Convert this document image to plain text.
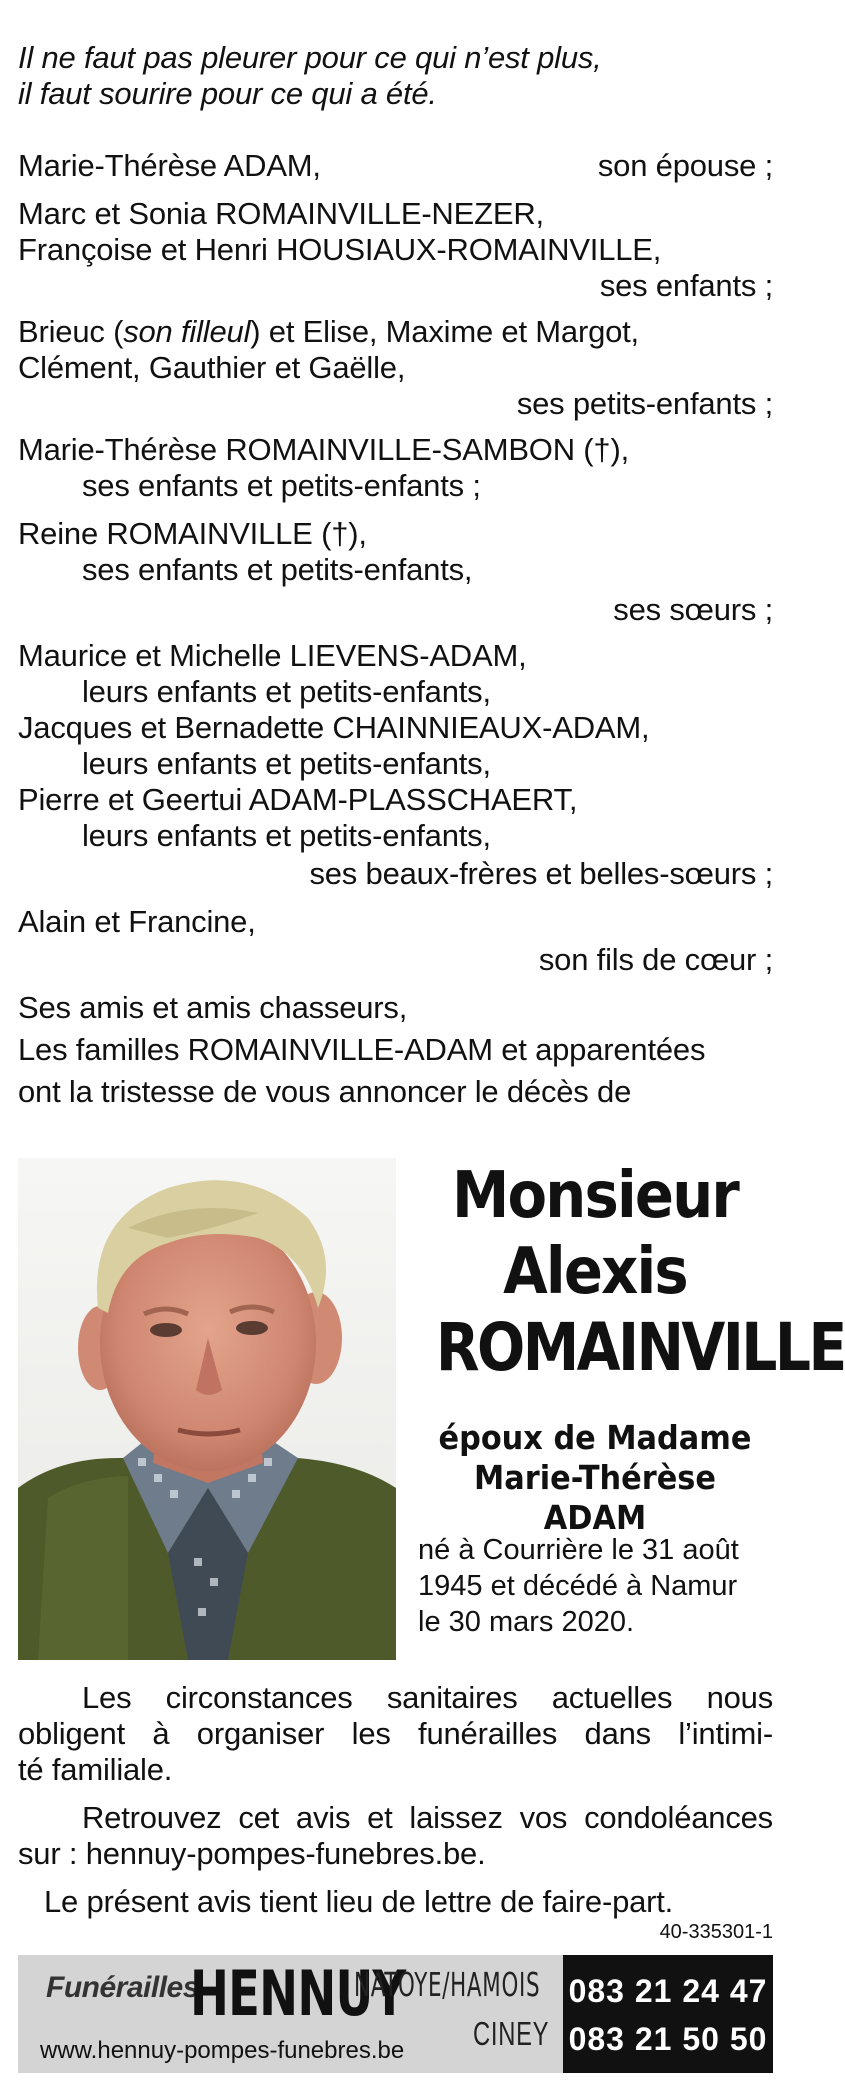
Il ne faut pas pleurer pour ce qui n’est plus,
il faut sourire pour ce qui a été.
Marie-Thérèse ADAM,	son épouse ;
Marc et Sonia ROMAINVILLE-NEZER,
Françoise et Henri HOUSIAUX-ROMAINVILLE,
ses enfants ;
Brieuc (son filleul) et Elise, Maxime et Margot,
Clément, Gauthier et Gaëlle,
ses petits-enfants ;
Marie-Thérèse ROMAINVILLE-SAMBON (†),
ses enfants et petits-enfants ;
Reine ROMAINVILLE (†),
ses enfants et petits-enfants,
ses sœurs ;
Maurice et Michelle LIEVENS-ADAM,
leurs enfants et petits-enfants,
Jacques et Bernadette CHAINNIEAUX-ADAM,
leurs enfants et petits-enfants,
Pierre et Geertui ADAM-PLASSCHAERT,
leurs enfants et petits-enfants,
ses beaux-frères et belles-sœurs ;
Alain et Francine,
son fils de cœur ;
Ses amis et amis chasseurs,
Les familles ROMAINVILLE-ADAM et apparentées
ont la tristesse de vous annoncer le décès de
Monsieur
Alexis
ROMAINVILLE
époux de Madame
Marie-Thérèse ADAM
né à Courrière le 31 août
1945 et décédé à Namur
le 30 mars 2020.
Les circonstances sanitaires actuelles nous
obligent à organiser les funérailles dans l’intimi-
té familiale.
Retrouvez cet avis et laissez vos condoléances
sur : hennuy-pompes-funebres.be.
Le présent avis tient lieu de lettre de faire-part.
40-335301-1
Funérailles
HENNUY
NATOYE/HAMOIS
CINEY
www.hennuy-pompes-funebres.be
083 21 24 47
083 21 50 50
